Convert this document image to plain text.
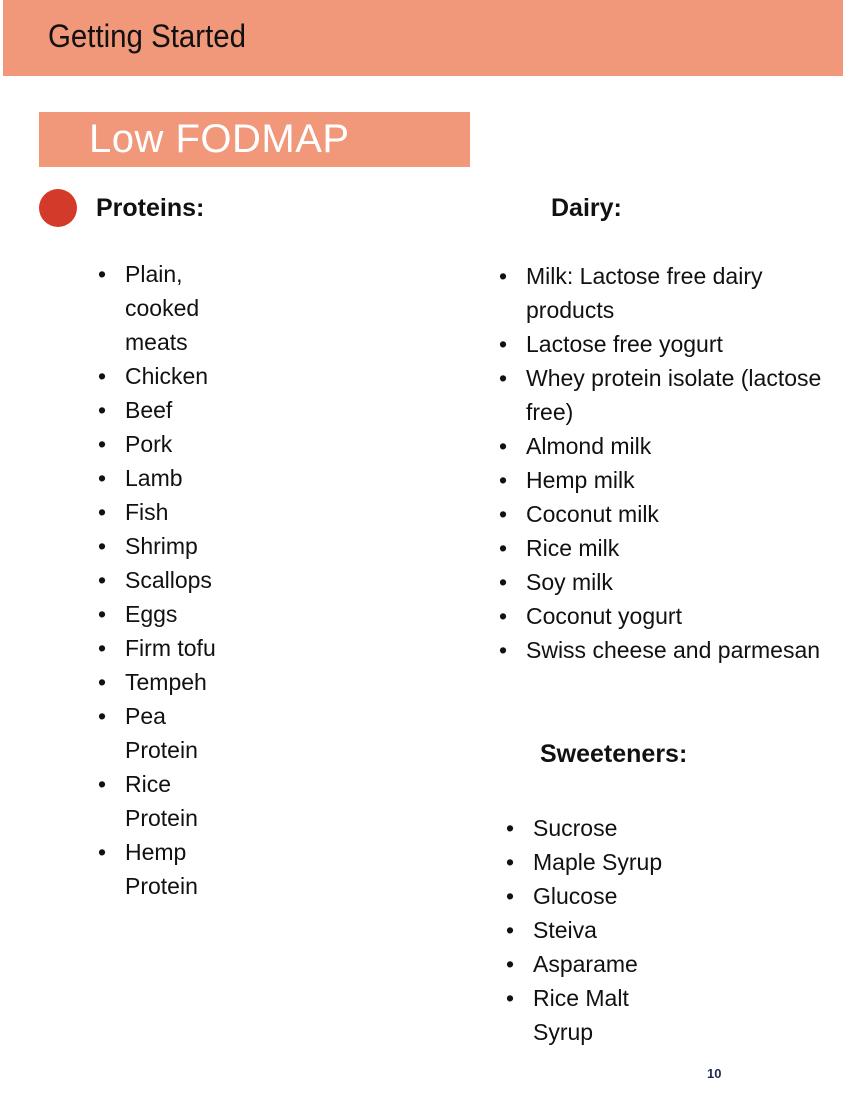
Getting Started
Low FODMAP
Proteins:
• Plain, cooked meats
• Chicken
• Beef
• Pork
• Lamb
• Fish
• Shrimp
• Scallops
• Eggs
• Firm tofu
• Tempeh
• Pea Protein
• Rice Protein
• Hemp Protein
Dairy:
• Milk: Lactose free dairy products
• Lactose free yogurt
• Whey protein isolate (lactose free)
• Almond milk
• Hemp milk
• Coconut milk
• Rice milk
• Soy milk
• Coconut yogurt
• Swiss cheese and parmesan
Sweeteners:
• Sucrose
• Maple Syrup
• Glucose
• Steiva
• Asparame
• Rice Malt Syrup
10
